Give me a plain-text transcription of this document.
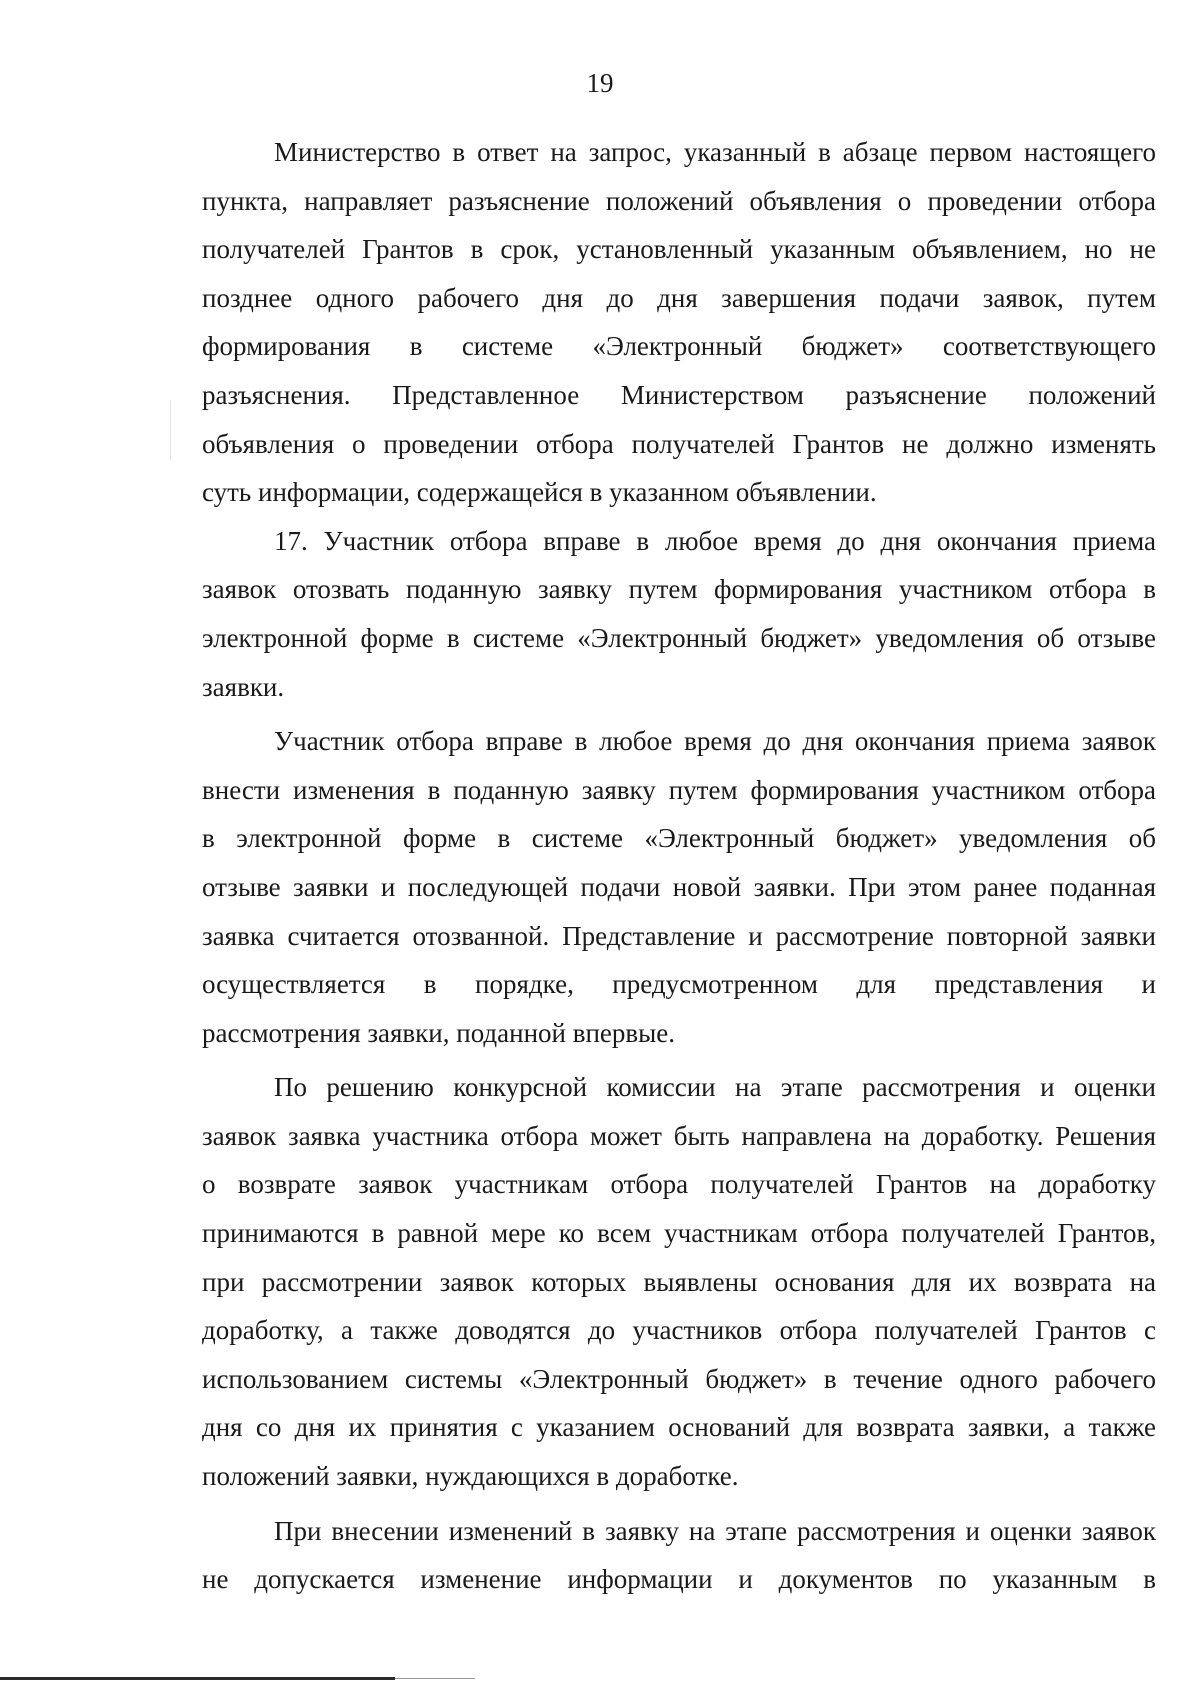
19
Министерство в ответ на запрос, указанный в абзаце первом настоящего
пункта, направляет разъяснение положений объявления о проведении отбора
получателей Грантов в срок, установленный указанным объявлением, но не
позднее одного рабочего дня до дня завершения подачи заявок, путем
формирования в системе «Электронный бюджет» соответствующего
разъяснения. Представленное Министерством разъяснение положений
объявления о проведении отбора получателей Грантов не должно изменять
суть информации, содержащейся в указанном объявлении.
17. Участник отбора вправе в любое время до дня окончания приема
заявок отозвать поданную заявку путем формирования участником отбора в
электронной форме в системе «Электронный бюджет» уведомления об отзыве
заявки.
Участник отбора вправе в любое время до дня окончания приема заявок
внести изменения в поданную заявку путем формирования участником отбора
в электронной форме в системе «Электронный бюджет» уведомления об
отзыве заявки и последующей подачи новой заявки. При этом ранее поданная
заявка считается отозванной. Представление и рассмотрение повторной заявки
осуществляется в порядке, предусмотренном для представления и
рассмотрения заявки, поданной впервые.
По решению конкурсной комиссии на этапе рассмотрения и оценки
заявок заявка участника отбора может быть направлена на доработку. Решения
о возврате заявок участникам отбора получателей Грантов на доработку
принимаются в равной мере ко всем участникам отбора получателей Грантов,
при рассмотрении заявок которых выявлены основания для их возврата на
доработку, а также доводятся до участников отбора получателей Грантов с
использованием системы «Электронный бюджет» в течение одного рабочего
дня со дня их принятия с указанием оснований для возврата заявки, а также
положений заявки, нуждающихся в доработке.
При внесении изменений в заявку на этапе рассмотрения и оценки заявок
не допускается изменение информации и документов по указанным в
